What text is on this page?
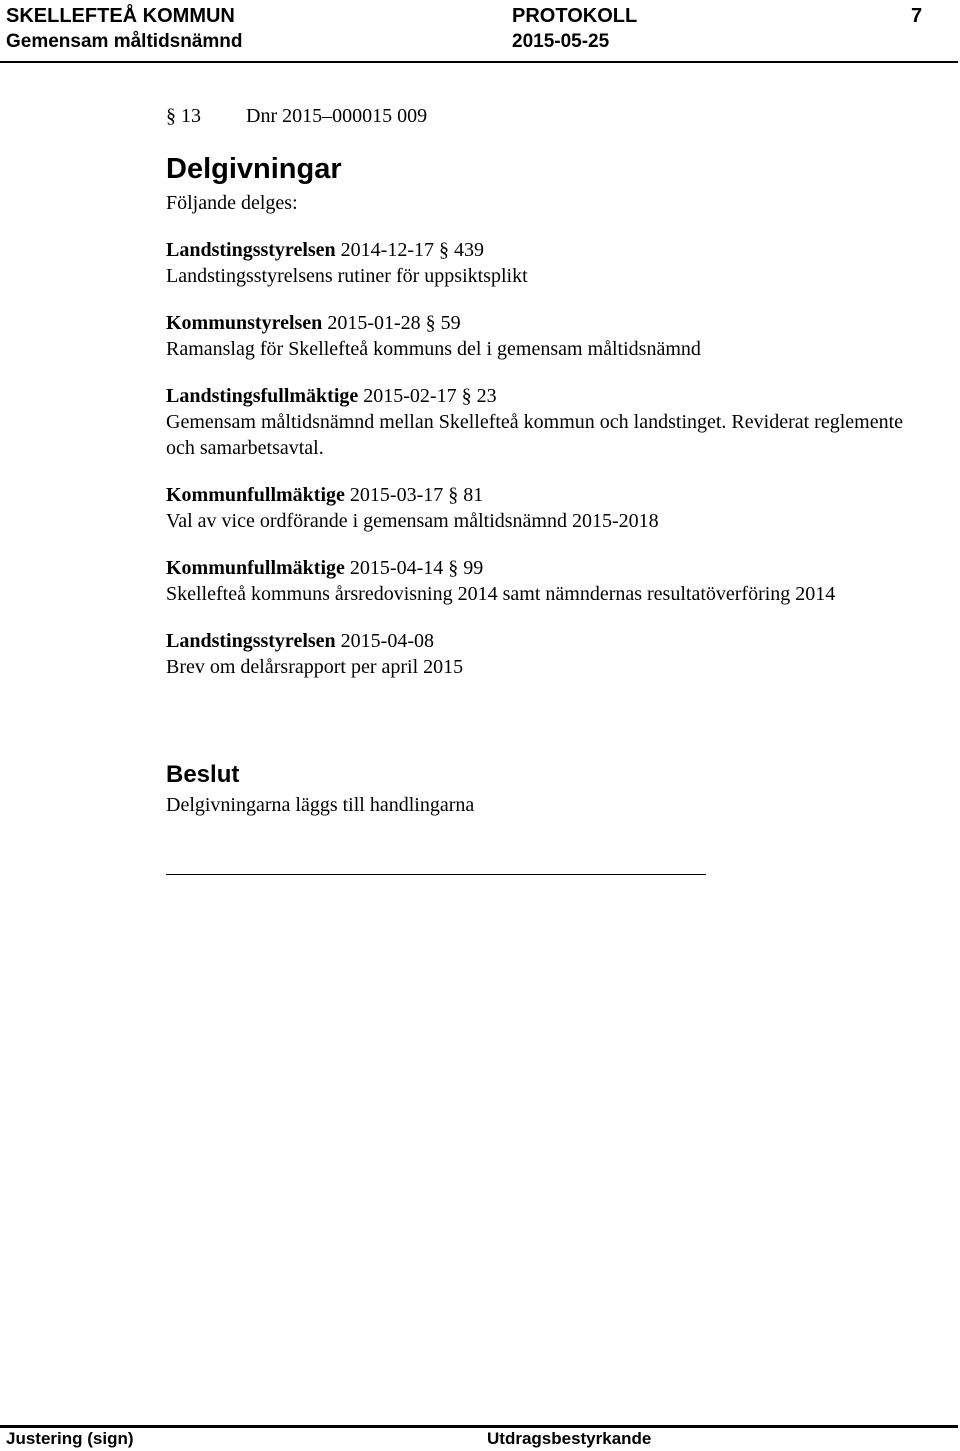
SKELLEFTEÅ KOMMUN	PROTOKOLL	7
Gemensam måltidsnämnd	2015-05-25

§ 13 Dnr 2015–000015 009

Delgivningar

Följande delges:

Landstingsstyrelsen 2014-12-17 § 439

Landstingsstyrelsens rutiner för uppsiktsplikt

Kommunstyrelsen 2015-01-28 § 59

Ramanslag för Skellefteå kommuns del i gemensam måltidsnämnd

Landstingsfullmäktige 2015-02-17 § 23

Gemensam måltidsnämnd mellan Skellefteå kommun och landstinget. Reviderat reglemente och samarbetsavtal.

Kommunfullmäktige 2015-03-17 § 81

Val av vice ordförande i gemensam måltidsnämnd 2015-2018

Kommunfullmäktige 2015-04-14 § 99

Skellefteå kommuns årsredovisning 2014 samt nämndernas resultatöverföring 2014

Landstingsstyrelsen 2015-04-08

Brev om delårsrapport per april 2015

Beslut

Delgivningarna läggs till handlingarna

Justering (sign)	Utdragsbestyrkande
